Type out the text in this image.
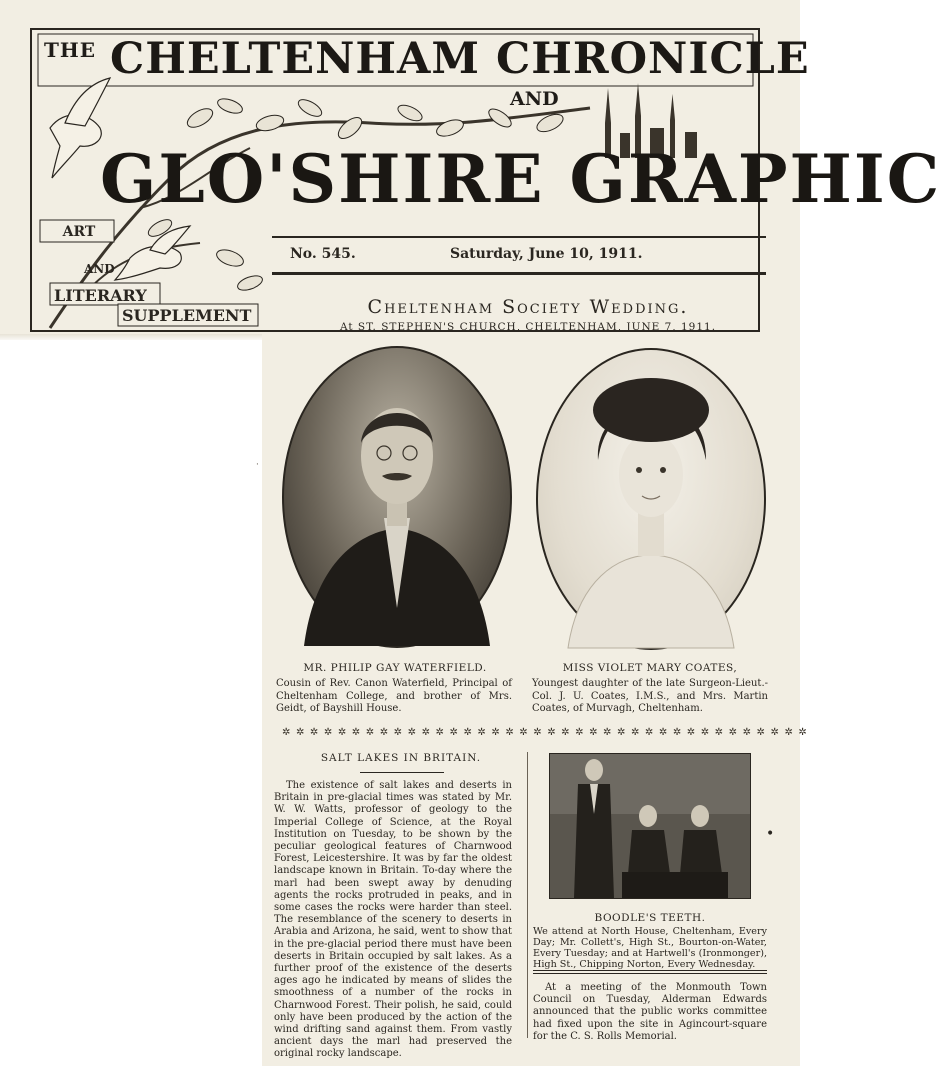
THE CHELTENHAM CHRONICLE
AND
GLO'SHIRE GRAPHIC
ART
AND
LITERARY
SUPPLEMENT
No. 545.	Saturday, June 10, 1911.
Cheltenham Society Wedding.
At ST. STEPHEN'S CHURCH, CHELTENHAM, JUNE 7, 1911.
MR. PHILIP GAY WATERFIELD.
Cousin of Rev. Canon Waterfield, Principal of Cheltenham College, and brother of Mrs. Geidt, of Bayshill House.
MISS VIOLET MARY COATES,
Youngest daughter of the late Surgeon-Lieut.-Col. J. U. Coates, I.M.S., and Mrs. Martin Coates, of Murvagh, Cheltenham.
✲ ✲ ✲ ✲ ✲ ✲ ✲ ✲ ✲ ✲ ✲ ✲ ✲ ✲ ✲ ✲ ✲ ✲ ✲ ✲ ✲ ✲ ✲ ✲ ✲ ✲ ✲ ✲ ✲ ✲ ✲ ✲ ✲ ✲ ✲ ✲ ✲ ✲
SALT LAKES IN BRITAIN.
The existence of salt lakes and deserts in Britain in pre-glacial times was stated by Mr. W. W. Watts, professor of geology to the Imperial College of Science, at the Royal Institution on Tuesday, to be shown by the peculiar geological features of Charnwood Forest, Leicestershire. It was by far the oldest landscape known in Britain. To-day where the marl had been swept away by denuding agents the rocks protruded in peaks, and in some cases the rocks were harder than steel. The resemblance of the scenery to deserts in Arabia and Arizona, he said, went to show that in the pre-glacial period there must have been deserts in Britain occupied by salt lakes. As a further proof of the existence of the deserts ages ago he indicated by means of slides the smoothness of a number of the rocks in Charnwood Forest. Their polish, he said, could only have been produced by the action of the wind drifting sand against them. From vastly ancient days the marl had preserved the original rocky landscape.
BOODLE'S TEETH.
We attend at North House, Cheltenham, Every Day; Mr. Collett's, High St., Bourton-on-Water, Every Tuesday; and at Hartwell's (Ironmonger), High St., Chipping Norton, Every Wednesday.
At a meeting of the Monmouth Town Council on Tuesday, Alderman Edwards announced that the public works committee had fixed upon the site in Agincourt-square for the C. S. Rolls Memorial.
·
•
